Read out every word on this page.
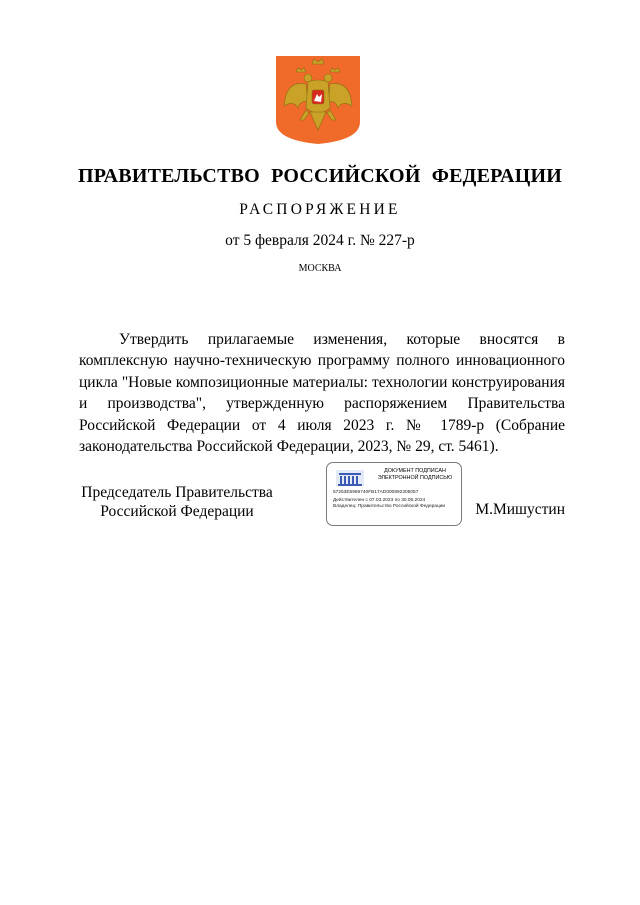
ПРАВИТЕЛЬСТВО РОССИЙСКОЙ ФЕДЕРАЦИИ
РАСПОРЯЖЕНИЕ
от 5 февраля 2024 г. № 227-р
МОСКВА
Утвердить прилагаемые изменения, которые вносятся в комплексную научно-техническую программу полного инновационного цикла "Новые композиционные материалы: технологии конструирования и производства", утвержденную распоряжением Правительства Российской Федерации от 4 июля 2023 г. № 1789-р (Собрание законодательства Российской Федерации, 2023, № 29, ст. 5461).
Председатель Правительства
Российской Федерации
ДОКУМЕНТ ПОДПИСАН
ЭЛЕКТРОННОЙ ПОДПИСЬЮ
57253E5969740FB17AD000892305057
Действителен с 07.03.2023 по 30.05.2024
Владелец: Правительство Российской Федерации	М.Мишустин
